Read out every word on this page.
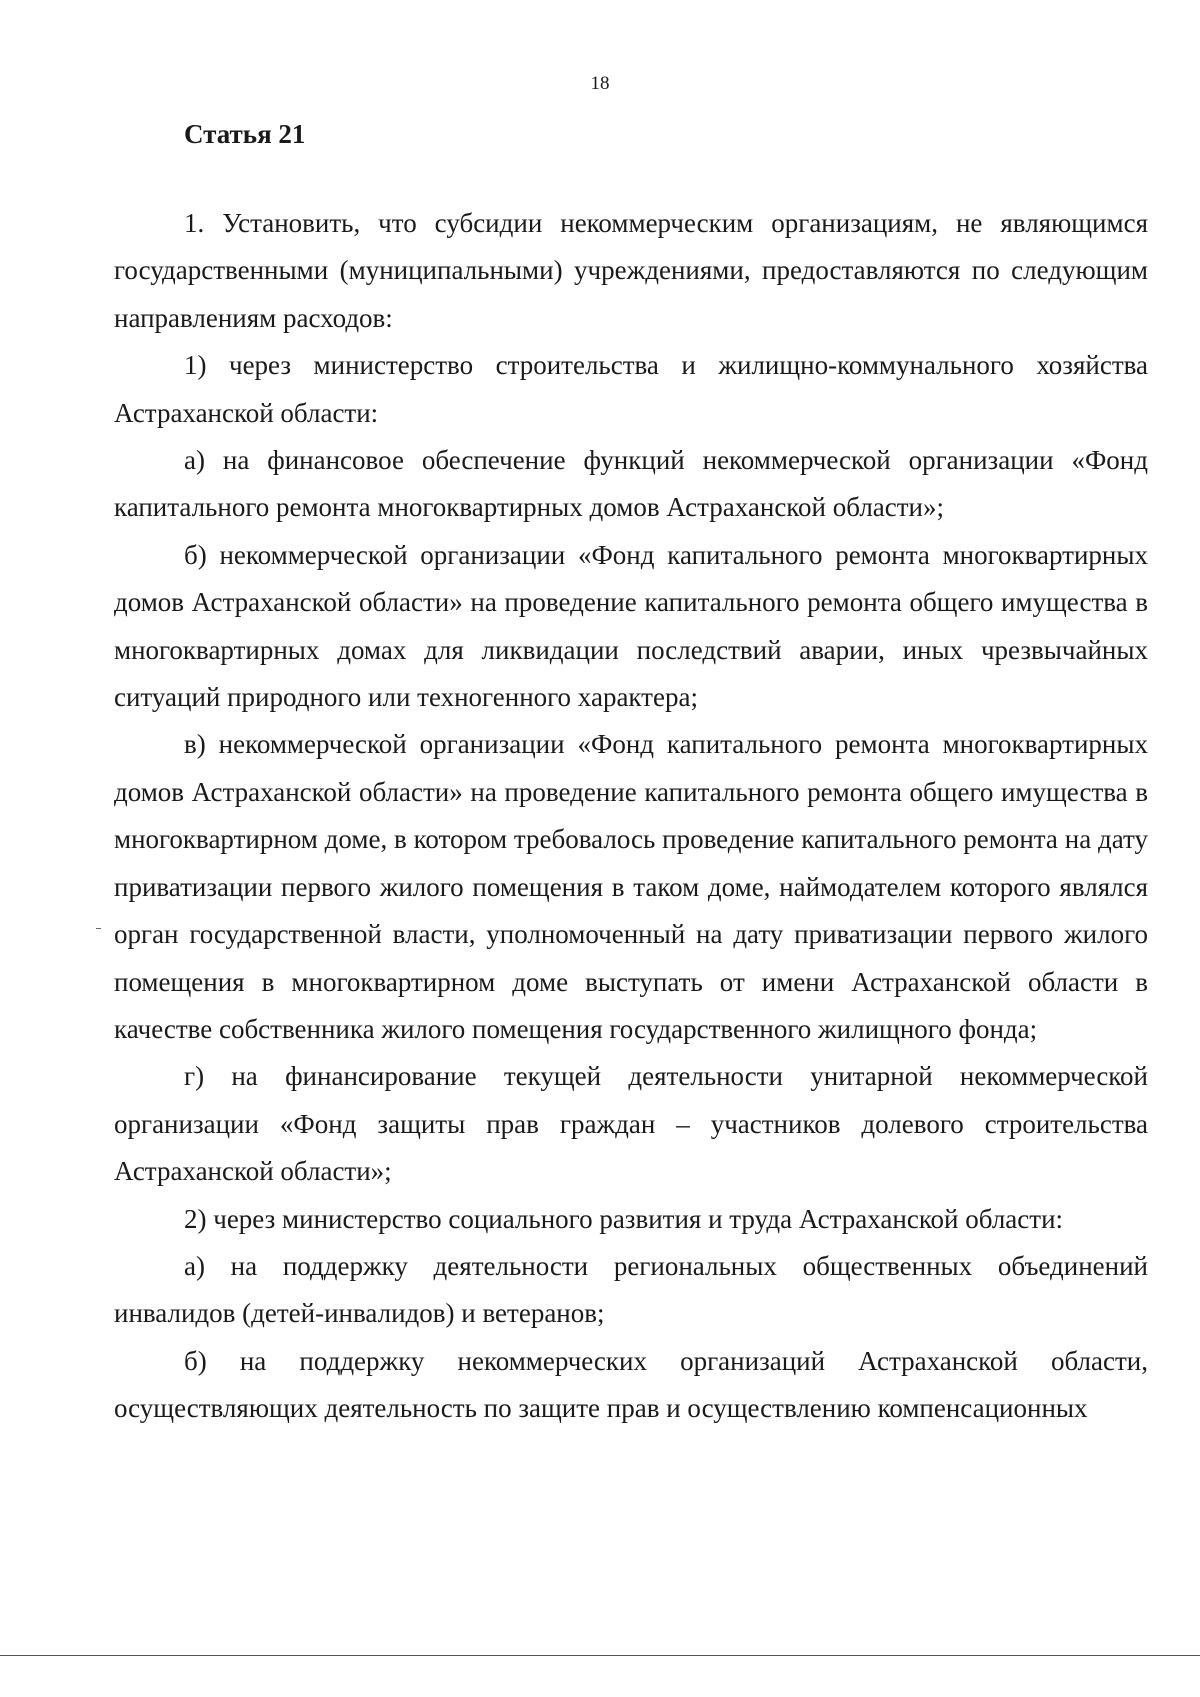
18
Статья 21

1. Установить, что субсидии некоммерческим организациям, не являющимся государственными (муниципальными) учреждениями, предоставляются по следующим направлениям расходов:

1) через министерство строительства и жилищно-коммунального хозяйства Астраханской области:

а) на финансовое обеспечение функций некоммерческой организации «Фонд капитального ремонта многоквартирных домов Астраханской области»;

б) некоммерческой организации «Фонд капитального ремонта многоквартирных домов Астраханской области» на проведение капитального ремонта общего имущества в многоквартирных домах для ликвидации последствий аварии, иных чрезвычайных ситуаций природного или техногенного характера;

в) некоммерческой организации «Фонд капитального ремонта многоквартирных домов Астраханской области» на проведение капитального ремонта общего имущества в многоквартирном доме, в котором требовалось проведение капитального ремонта на дату приватизации первого жилого помещения в таком доме, наймодателем которого являлся орган государственной власти, уполномоченный на дату приватизации первого жилого помещения в многоквартирном доме выступать от имени Астраханской области в качестве собственника жилого помещения государственного жилищного фонда;

г) на финансирование текущей деятельности унитарной некоммерческой организации «Фонд защиты прав граждан – участников долевого строительства Астраханской области»;

2) через министерство социального развития и труда Астраханской области:

а) на поддержку деятельности региональных общественных объединений инвалидов (детей-инвалидов) и ветеранов;

б) на поддержку некоммерческих организаций Астраханской области, осуществляющих деятельность по защите прав и осуществлению компенсационных
